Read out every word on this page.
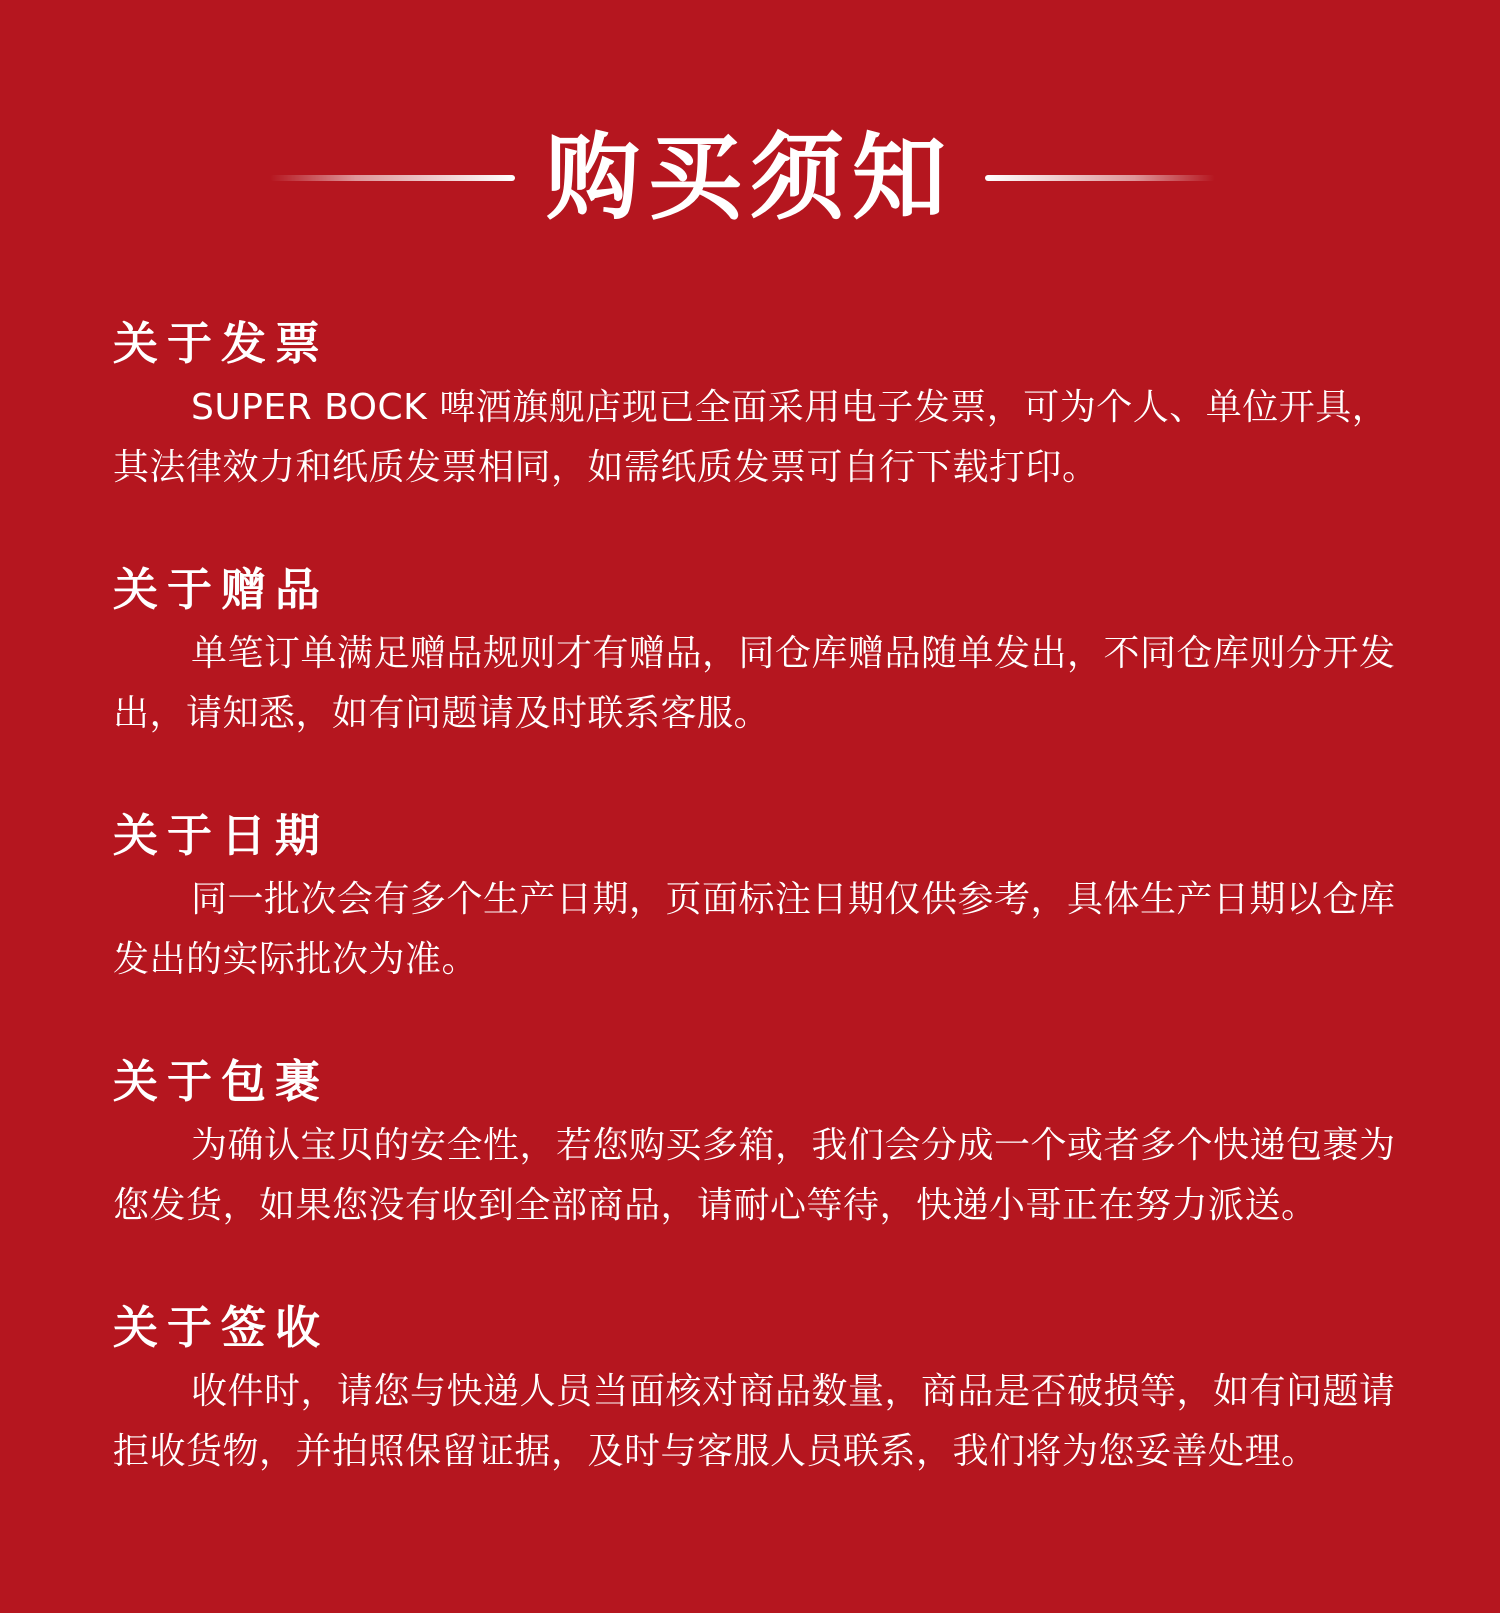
购买须知
关于发票

SUPER BOCK 啤酒旗舰店现已全面采用电子发票，可为个人、单位开具，其法律效力和纸质发票相同，如需纸质发票可自行下载打印。

关于赠品

单笔订单满足赠品规则才有赠品，同仓库赠品随单发出，不同仓库则分开发出，请知悉，如有问题请及时联系客服。

关于日期

同一批次会有多个生产日期，页面标注日期仅供参考，具体生产日期以仓库发出的实际批次为准。

关于包裹

为确认宝贝的安全性，若您购买多箱，我们会分成一个或者多个快递包裹为您发货，如果您没有收到全部商品，请耐心等待，快递小哥正在努力派送。

关于签收

收件时，请您与快递人员当面核对商品数量，商品是否破损等，如有问题请拒收货物，并拍照保留证据，及时与客服人员联系，我们将为您妥善处理。
